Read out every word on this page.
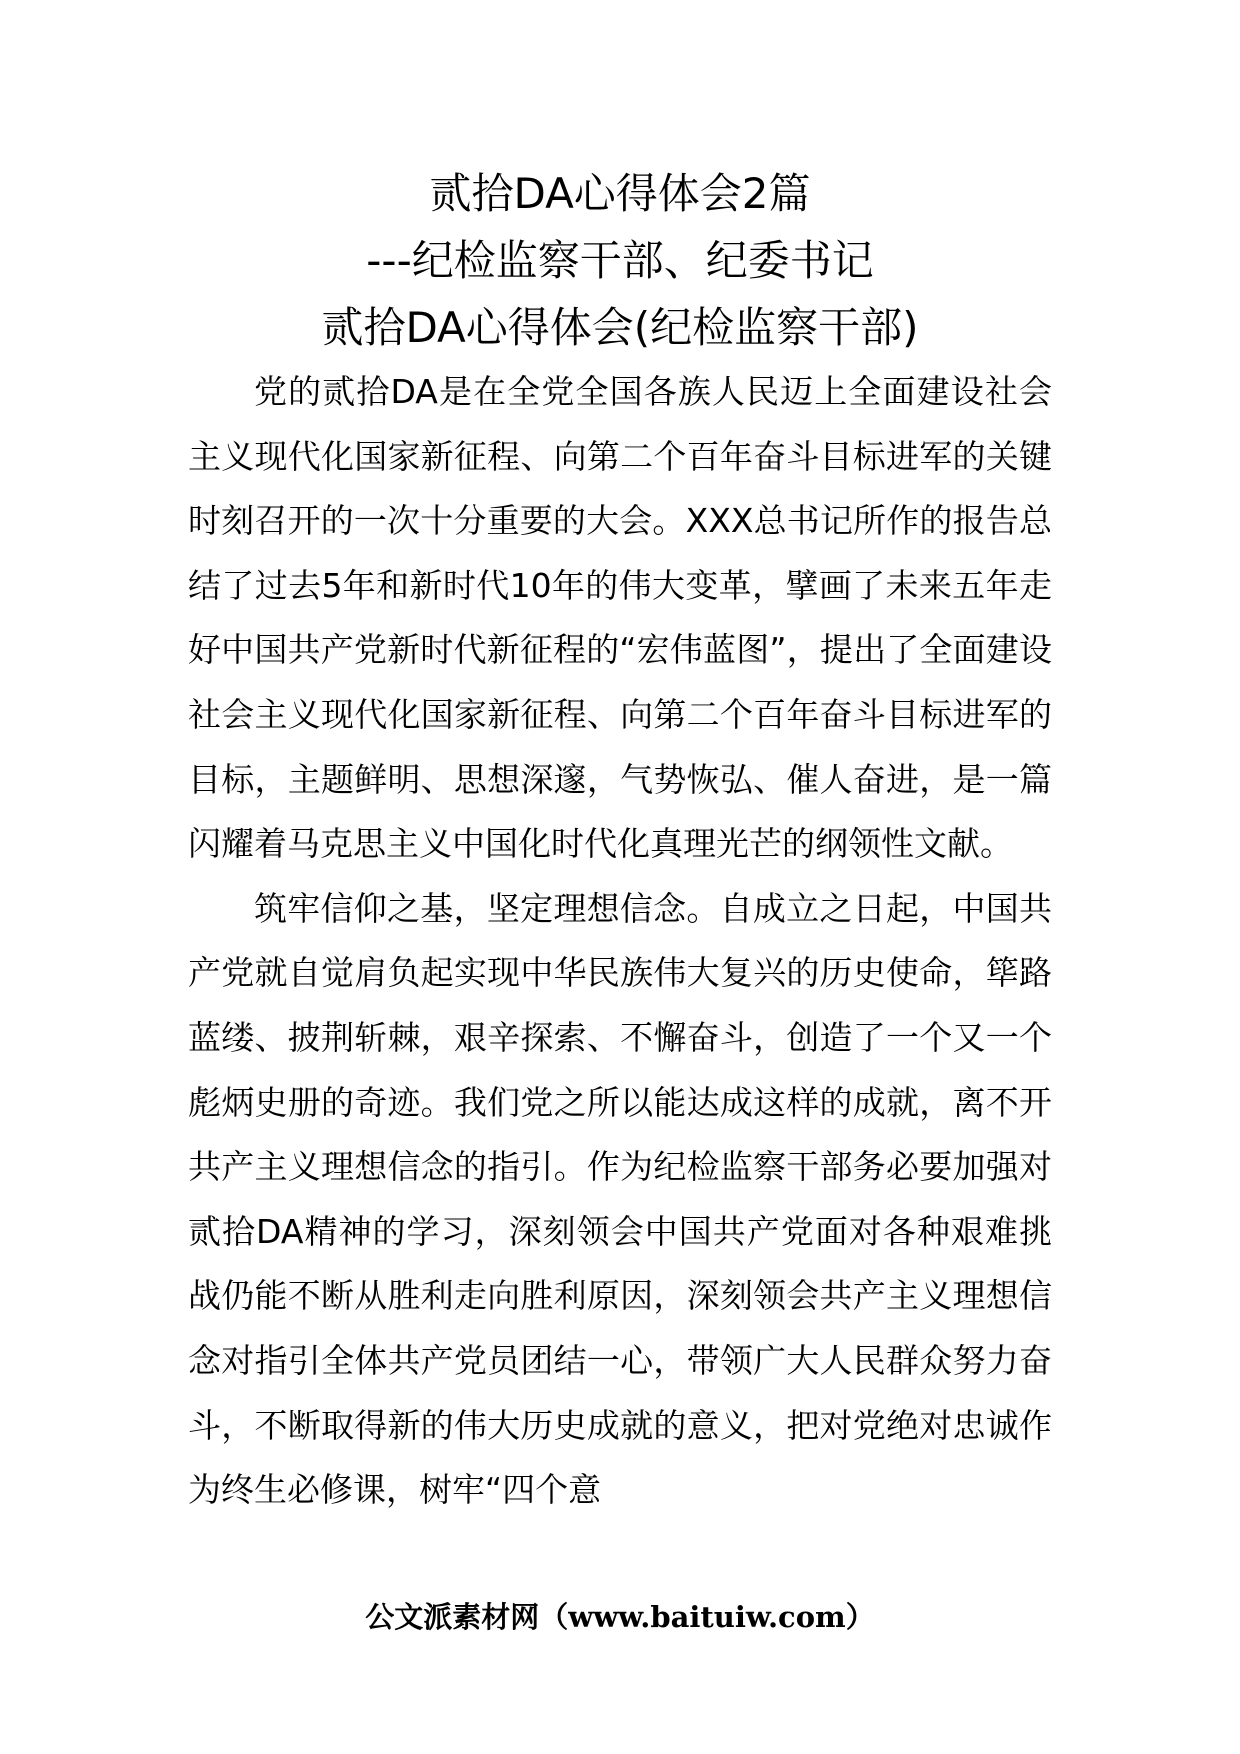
贰拾DA心得体会2篇
---纪检监察干部、纪委书记
贰拾DA心得体会(纪检监察干部)

党的贰拾DA是在全党全国各族人民迈上全面建设社会主义现代化国家新征程、向第二个百年奋斗目标进军的关键时刻召开的一次十分重要的大会。XXX总书记所作的报告总结了过去5年和新时代10年的伟大变革，擘画了未来五年走好中国共产党新时代新征程的“宏伟蓝图”，提出了全面建设社会主义现代化国家新征程、向第二个百年奋斗目标进军的目标，主题鲜明、思想深邃，气势恢弘、催人奋进，是一篇闪耀着马克思主义中国化时代化真理光芒的纲领性文献。

筑牢信仰之基，坚定理想信念。自成立之日起，中国共产党就自觉肩负起实现中华民族伟大复兴的历史使命，筚路蓝缕、披荆斩棘，艰辛探索、不懈奋斗，创造了一个又一个彪炳史册的奇迹。我们党之所以能达成这样的成就，离不开共产主义理想信念的指引。作为纪检监察干部务必要加强对贰拾DA精神的学习，深刻领会中国共产党面对各种艰难挑战仍能不断从胜利走向胜利原因，深刻领会共产主义理想信念对指引全体共产党员团结一心，带领广大人民群众努力奋斗，不断取得新的伟大历史成就的意义，把对党绝对忠诚作为终生必修课，树牢“四个意

公文派素材网（www.baituiw.com）
